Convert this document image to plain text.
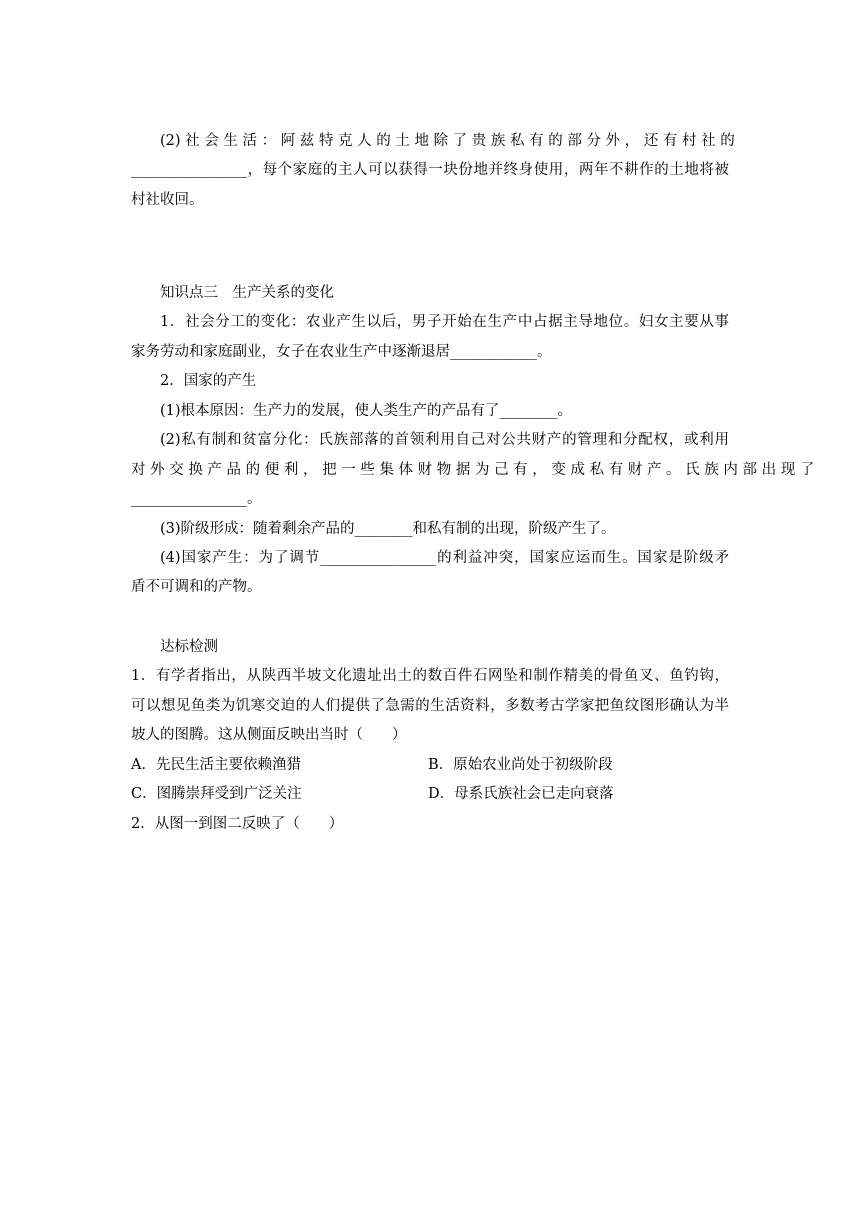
(2) 社 会 生 活 ： 阿 兹 特 克 人 的 土 地 除 了 贵 族 私 有 的 部 分 外 ， 还 有 村 社 的
________________，每个家庭的主人可以获得一块份地并终身使用，两年不耕作的土地将被
村社收回。
知识点三　生产关系的变化
1．社会分工的变化：农业产生以后，男子开始在生产中占据主导地位。妇女主要从事
家务劳动和家庭副业，女子在农业生产中逐渐退居____________。
2．国家的产生
(1)根本原因：生产力的发展，使人类生产的产品有了________。
(2)私有制和贫富分化：氏族部落的首领利用自己对公共财产的管理和分配权，或利用
对 外 交 换 产 品 的 便 利 ， 把 一 些 集 体 财 物 据 为 己 有 ， 变 成 私 有 财 产 。 氏 族 内 部 出 现 了
________________。
(3)阶级形成：随着剩余产品的________和私有制的出现，阶级产生了。
(4)国家产生：为了调节________________的利益冲突，国家应运而生。国家是阶级矛
盾不可调和的产物。
达标检测
1．有学者指出，从陕西半坡文化遗址出土的数百件石网坠和制作精美的骨鱼叉、鱼钓钩，
可以想见鱼类为饥寒交迫的人们提供了急需的生活资料，多数考古学家把鱼纹图形确认为半
坡人的图腾。这从侧面反映出当时（　　）
A．先民生活主要依赖渔猎	B．原始农业尚处于初级阶段
C．图腾崇拜受到广泛关注	D．母系氏族社会已走向衰落
2．从图一到图二反映了（　　）
